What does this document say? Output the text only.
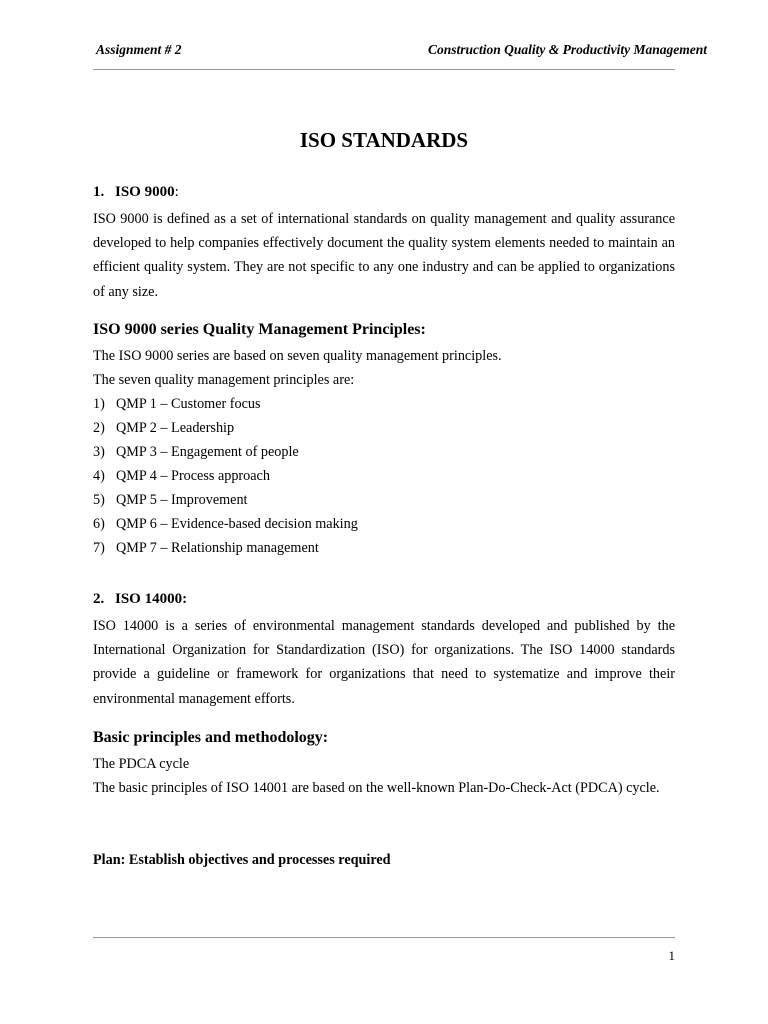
Assignment # 2	Construction Quality & Productivity Management
ISO STANDARDS
1. ISO 9000:

ISO 9000 is defined as a set of international standards on quality management and quality assurance developed to help companies effectively document the quality system elements needed to maintain an efficient quality system. They are not specific to any one industry and can be applied to organizations of any size.

ISO 9000 series Quality Management Principles:
The ISO 9000 series are based on seven quality management principles.
The seven quality management principles are:
1) QMP 1 – Customer focus
2) QMP 2 – Leadership
3) QMP 3 – Engagement of people
4) QMP 4 – Process approach
5) QMP 5 – Improvement
6) QMP 6 – Evidence-based decision making
7) QMP 7 – Relationship management
2. ISO 14000:

ISO 14000 is a series of environmental management standards developed and published by the International Organization for Standardization (ISO) for organizations. The ISO 14000 standards provide a guideline or framework for organizations that need to systematize and improve their environmental management efforts.

Basic principles and methodology:
The PDCA cycle

The basic principles of ISO 14001 are based on the well-known Plan-Do-Check-Act (PDCA) cycle.

Plan: Establish objectives and processes required
1
